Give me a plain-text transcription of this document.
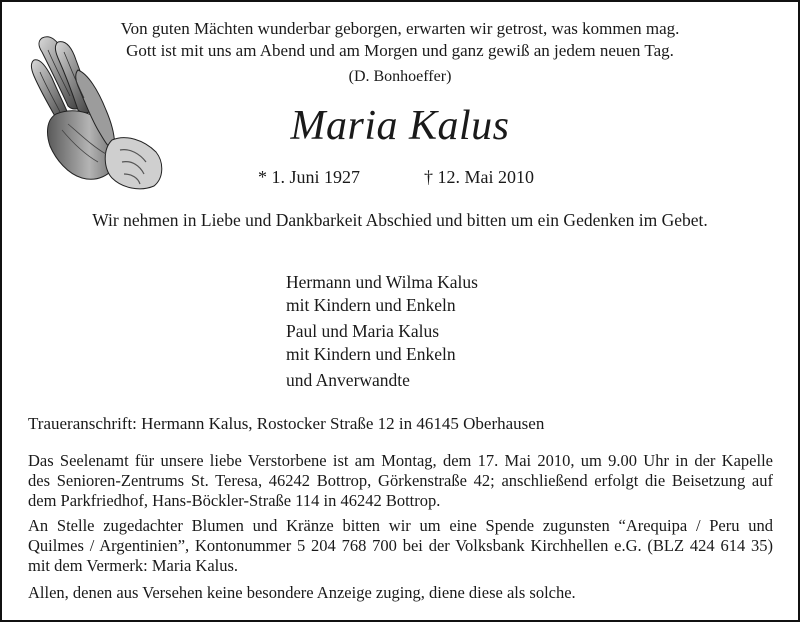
Von guten Mächten wunderbar geborgen, erwarten wir getrost, was kommen mag.
Gott ist mit uns am Abend und am Morgen und ganz gewiß an jedem neuen Tag.
(D. Bonhoeffer)
Maria Kalus
* 1. Juni 1927	† 12. Mai 2010
Wir nehmen in Liebe und Dankbarkeit Abschied und bitten um ein Gedenken im Gebet.
Hermann und Wilma Kalus
mit Kindern und Enkeln
Paul und Maria Kalus
mit Kindern und Enkeln
und Anverwandte
Traueranschrift: Hermann Kalus, Rostocker Straße 12 in 46145 Oberhausen
Das Seelenamt für unsere liebe Verstorbene ist am Montag, dem 17. Mai 2010, um 9.00 Uhr in der Kapelle
des Senioren-Zentrums St. Teresa, 46242 Bottrop, Görkenstraße 42; anschließend erfolgt die Beisetzung auf
dem Parkfriedhof, Hans-Böckler-Straße 114 in 46242 Bottrop.
An Stelle zugedachter Blumen und Kränze bitten wir um eine Spende zugunsten “Arequipa / Peru und
Quilmes / Argentinien”, Kontonummer 5 204 768 700 bei der Volksbank Kirchhellen e.G. (BLZ 424 614 35)
mit dem Vermerk: Maria Kalus.
Allen, denen aus Versehen keine besondere Anzeige zuging, diene diese als solche.
